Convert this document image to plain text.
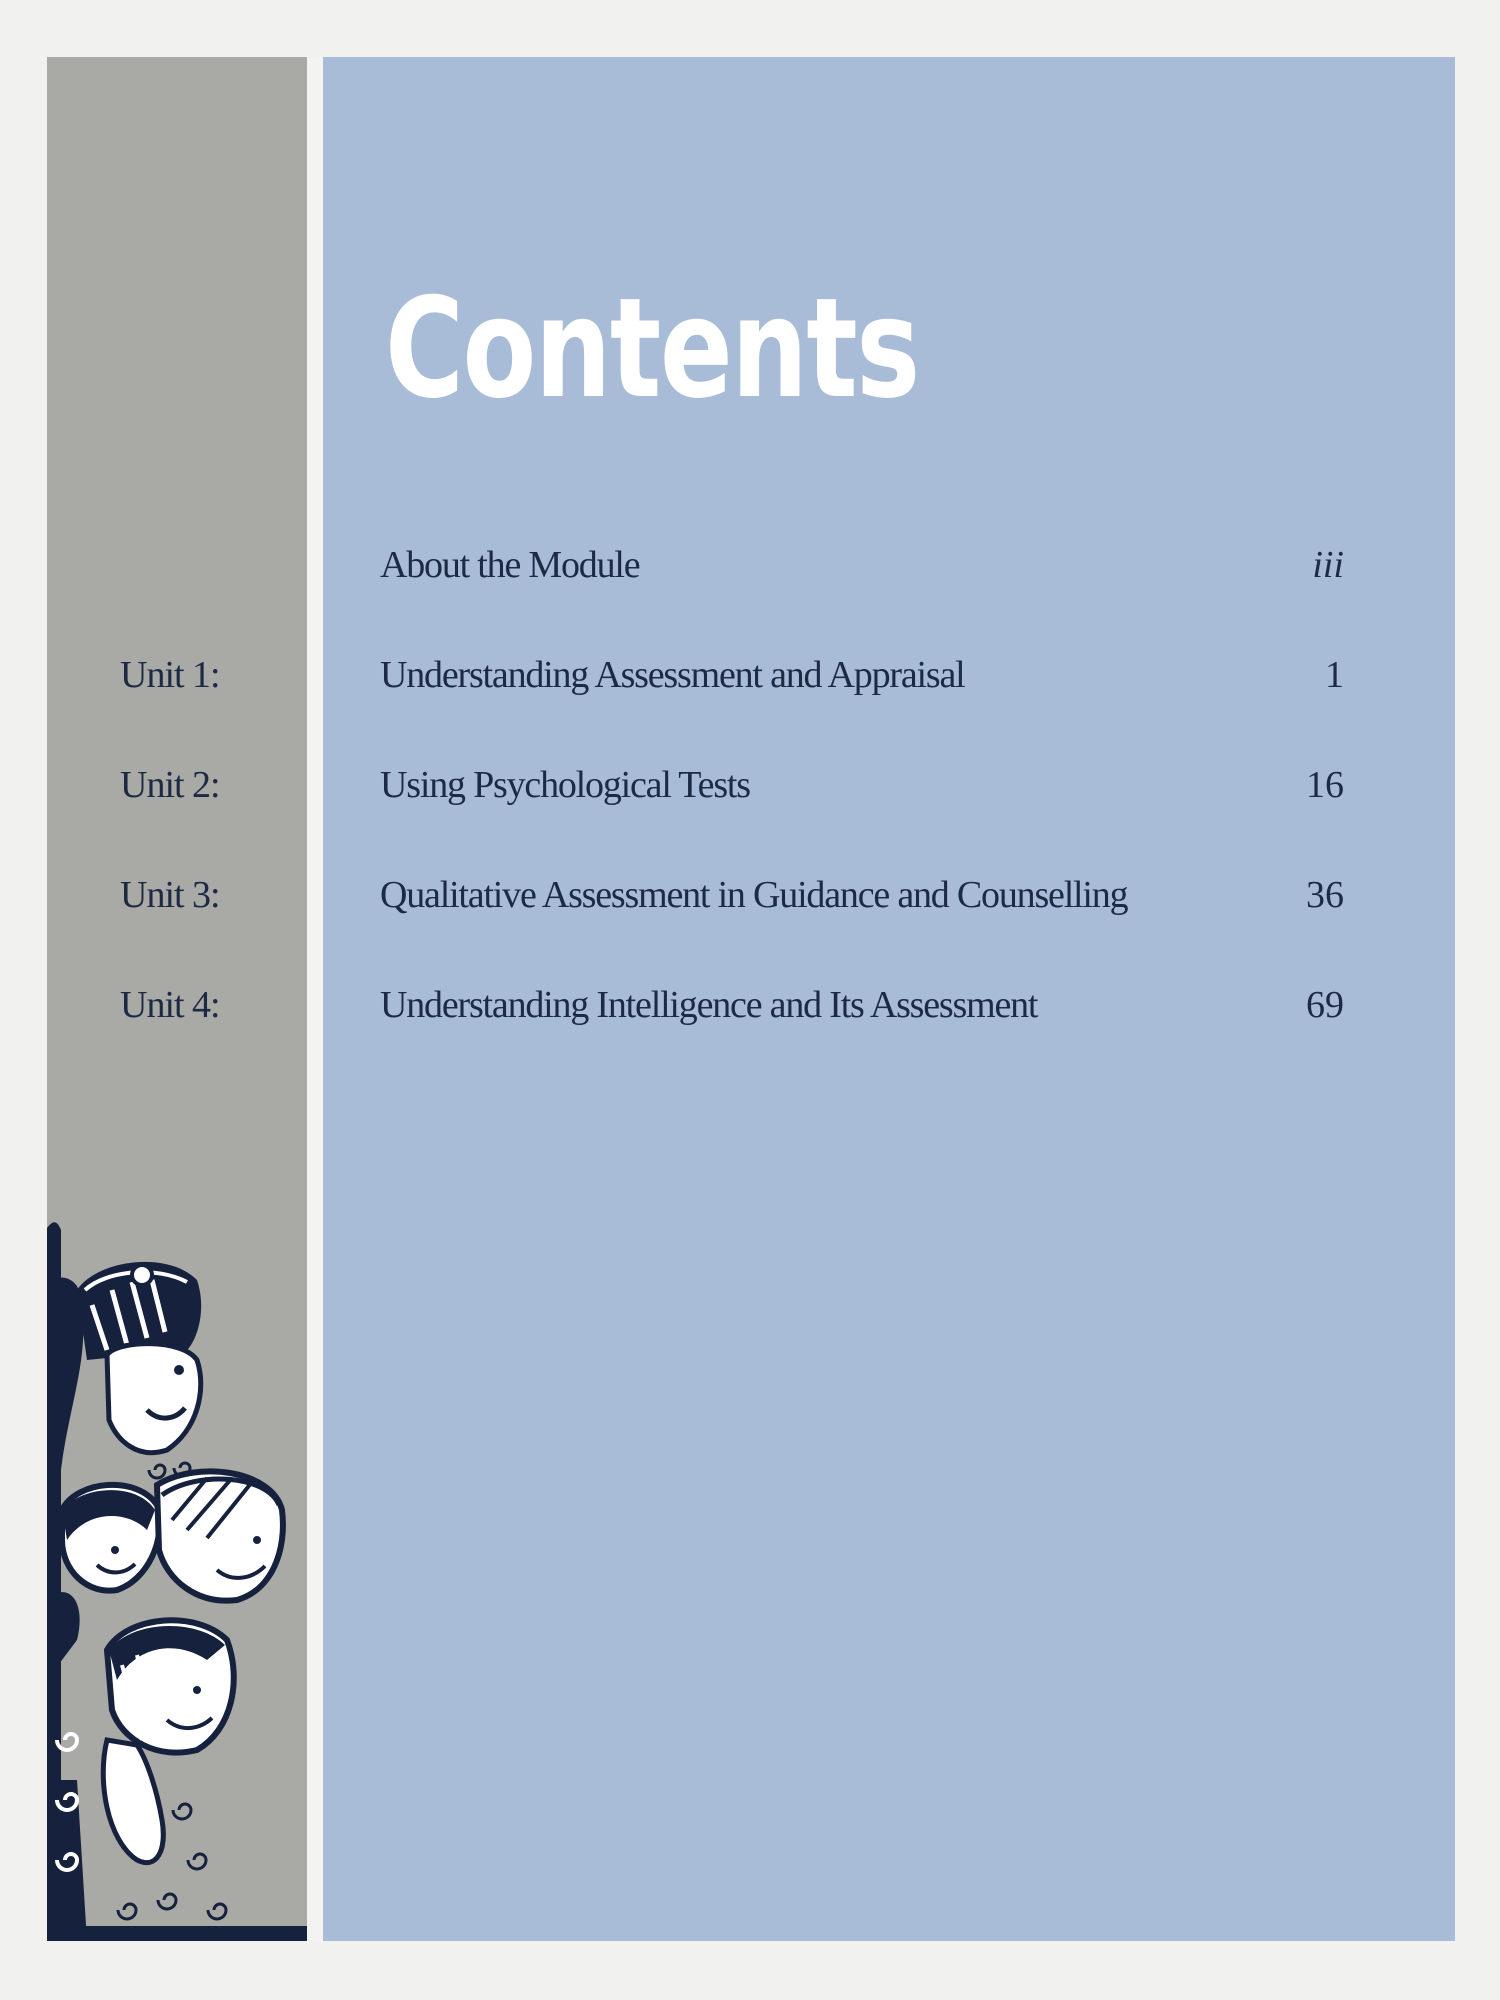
Contents
About the Module	iii
Unit 1:	Understanding Assessment and Appraisal	1
Unit 2:	Using Psychological Tests	16
Unit 3:	Qualitative Assessment in Guidance and Counselling	36
Unit 4:	Understanding Intelligence and Its Assessment	69
